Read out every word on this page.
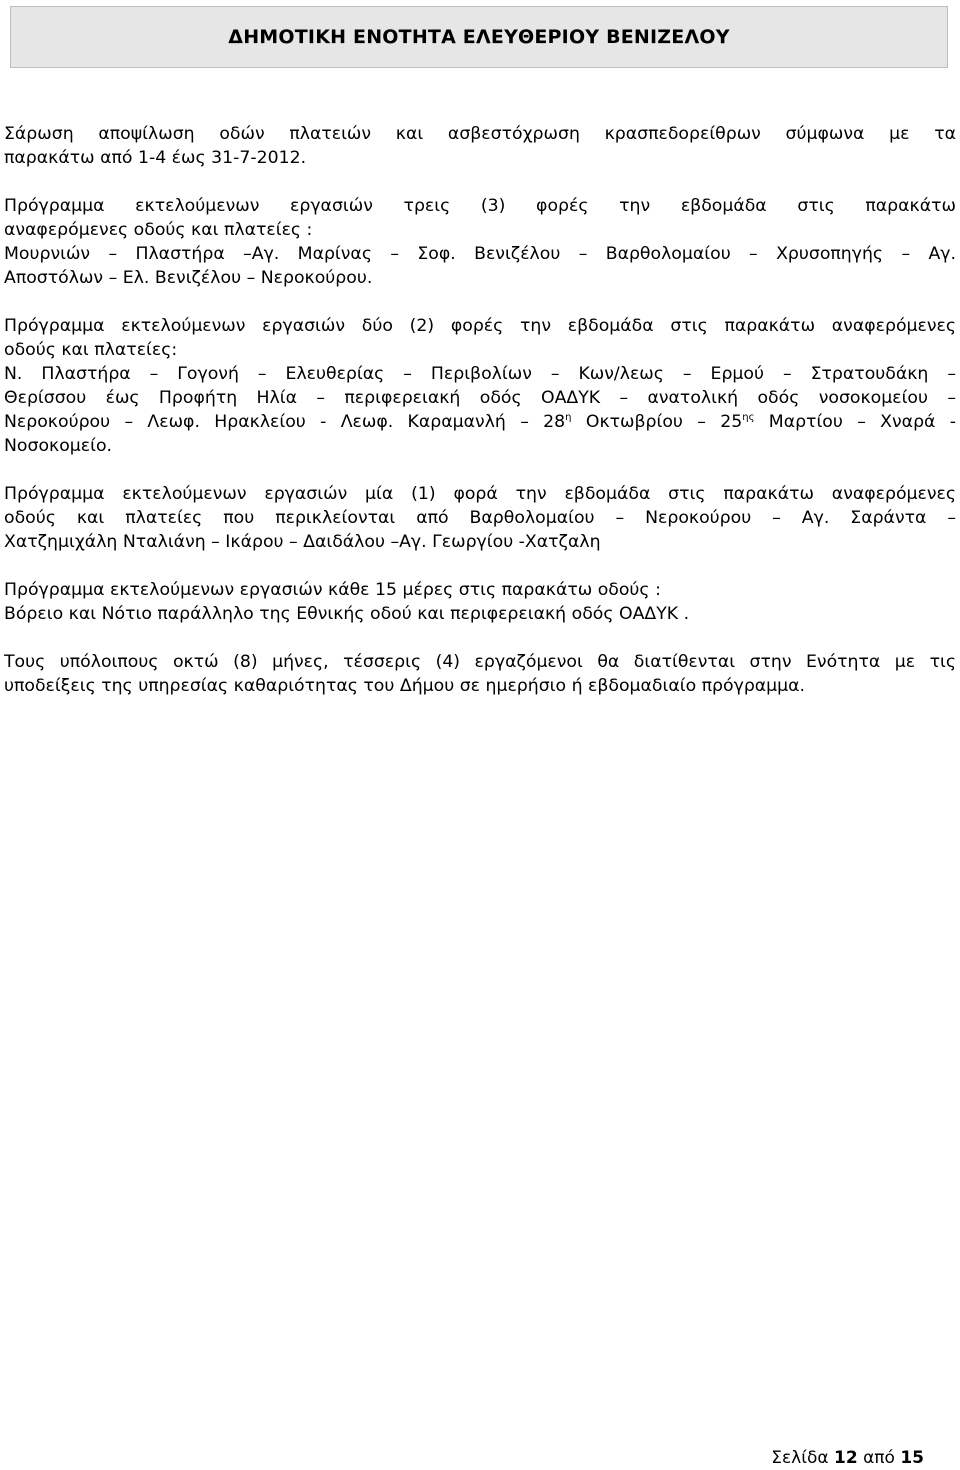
ΔΗΜΟΤΙΚΗ ΕΝΟΤΗΤΑ ΕΛΕΥΘΕΡΙΟΥ ΒΕΝΙΖΕΛΟΥ
Σάρωση αποψίλωση οδών πλατειών και ασβεστόχρωση κρασπεδορείθρων σύμφωνα με τα
παρακάτω από 1-4 έως 31-7-2012.
Πρόγραμμα εκτελούμενων εργασιών τρεις (3) φορές την εβδομάδα στις παρακάτω
αναφερόμενες οδούς και πλατείες :
Μουρνιών – Πλαστήρα –Αγ. Μαρίνας – Σοφ. Βενιζέλου – Βαρθολομαίου – Χρυσοπηγής – Αγ.
Αποστόλων – Ελ. Βενιζέλου – Νεροκούρου.
Πρόγραμμα εκτελούμενων εργασιών δύο (2) φορές την εβδομάδα στις παρακάτω αναφερόμενες
οδούς και πλατείες:
Ν. Πλαστήρα – Γογονή – Ελευθερίας – Περιβολίων – Κων/λεως – Ερμού – Στρατουδάκη –
Θερίσσου έως Προφήτη Ηλία – περιφερειακή οδός ΟΑΔΥΚ – ανατολική οδός νοσοκομείου –
Νεροκούρου – Λεωφ. Ηρακλείου - Λεωφ. Καραμανλή – $28^\eta$ Οκτωβρίου – $25^{\eta\varsigma}$ Μαρτίου – Χναρά -
Νοσοκομείο.
Πρόγραμμα εκτελούμενων εργασιών μία (1) φορά την εβδομάδα στις παρακάτω αναφερόμενες
οδούς και πλατείες που περικλείονται από Βαρθολομαίου – Νεροκούρου – Αγ. Σαράντα –
Χατζημιχάλη Νταλιάνη – Ικάρου – Δαιδάλου –Αγ. Γεωργίου -Χατζαλη
Πρόγραμμα εκτελούμενων εργασιών κάθε 15 μέρες στις παρακάτω οδούς :
Βόρειο και Νότιο παράλληλο της Εθνικής οδού και περιφερειακή οδός ΟΑΔΥΚ .
Τους υπόλοιπους οκτώ (8) μήνες, τέσσερις (4) εργαζόμενοι θα διατίθενται στην Ενότητα με τις
υποδείξεις της υπηρεσίας καθαριότητας του Δήμου σε ημερήσιο ή εβδομαδιαίο πρόγραμμα.
Σελίδα 12 από 15
